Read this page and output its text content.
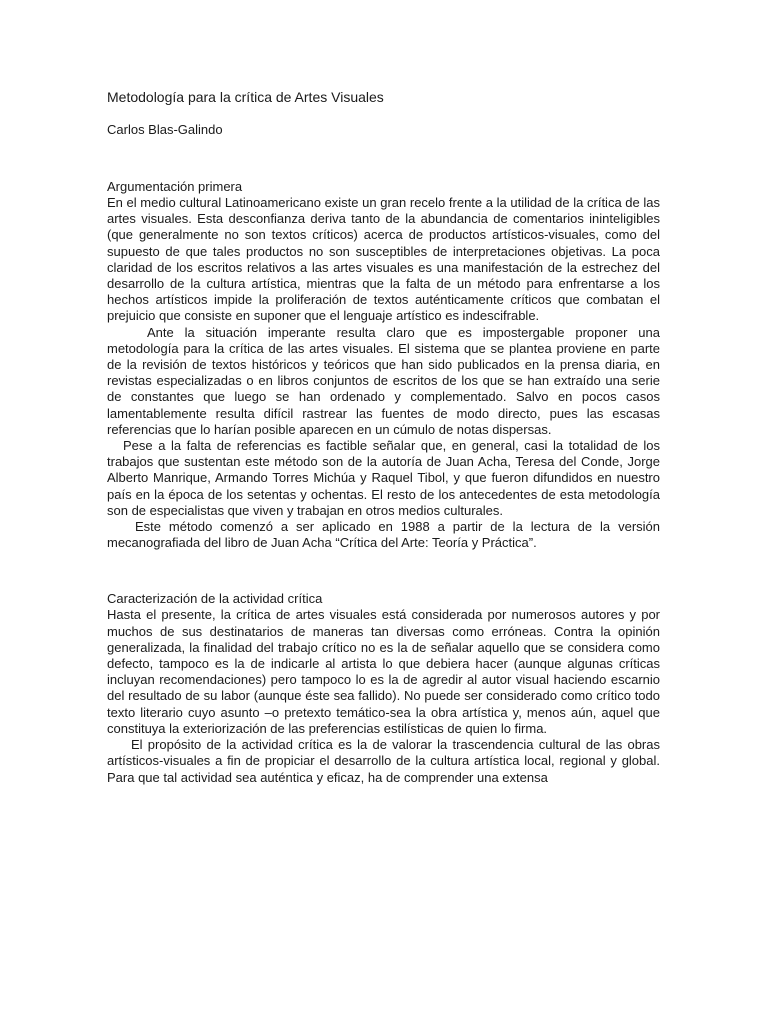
Metodología para la crítica de Artes Visuales
Carlos Blas-Galindo
Argumentación primera

En el medio cultural Latinoamericano existe un gran recelo frente a la utilidad de la crítica de las artes visuales. Esta desconfianza deriva tanto de la abundancia de comentarios ininteligibles (que generalmente no son textos críticos) acerca de productos artísticos-visuales, como del supuesto de que tales productos no son susceptibles de interpretaciones objetivas. La poca claridad de los escritos relativos a las artes visuales es una manifestación de la estrechez del desarrollo de la cultura artística, mientras que la falta de un método para enfrentarse a los hechos artísticos impide la proliferación de textos auténticamente críticos que combatan el prejuicio que consiste en suponer que el lenguaje artístico es indescifrable.

Ante la situación imperante resulta claro que es impostergable proponer una metodología para la crítica de las artes visuales. El sistema que se plantea proviene en parte de la revisión de textos históricos y teóricos que han sido publicados en la prensa diaria, en revistas especializadas o en libros conjuntos de escritos de los que se han extraído una serie de constantes que luego se han ordenado y complementado. Salvo en pocos casos lamentablemente resulta difícil rastrear las fuentes de modo directo, pues las escasas referencias que lo harían posible aparecen en un cúmulo de notas dispersas.

Pese a la falta de referencias es factible señalar que, en general, casi la totalidad de los trabajos que sustentan este método son de la autoría de Juan Acha, Teresa del Conde, Jorge Alberto Manrique, Armando Torres Michúa y Raquel Tibol, y que fueron difundidos en nuestro país en la época de los setentas y ochentas. El resto de los antecedentes de esta metodología son de especialistas que viven y trabajan en otros medios culturales.

Este método comenzó a ser aplicado en 1988 a partir de la lectura de la versión mecanografiada del libro de Juan Acha “Crítica del Arte: Teoría y Práctica”.

Caracterización de la actividad crítica

Hasta el presente, la crítica de artes visuales está considerada por numerosos autores y por muchos de sus destinatarios de maneras tan diversas como erróneas. Contra la opinión generalizada, la finalidad del trabajo crítico no es la de señalar aquello que se considera como defecto, tampoco es la de indicarle al artista lo que debiera hacer (aunque algunas críticas incluyan recomendaciones) pero tampoco lo es la de agredir al autor visual haciendo escarnio del resultado de su labor (aunque éste sea fallido). No puede ser considerado como crítico todo texto literario cuyo asunto –o pretexto temático-sea la obra artística y, menos aún, aquel que constituya la exteriorización de las preferencias estilísticas de quien lo firma.

El propósito de la actividad crítica es la de valorar la trascendencia cultural de las obras artísticos-visuales a fin de propiciar el desarrollo de la cultura artística local, regional y global. Para que tal actividad sea auténtica y eficaz, ha de comprender una extensa
